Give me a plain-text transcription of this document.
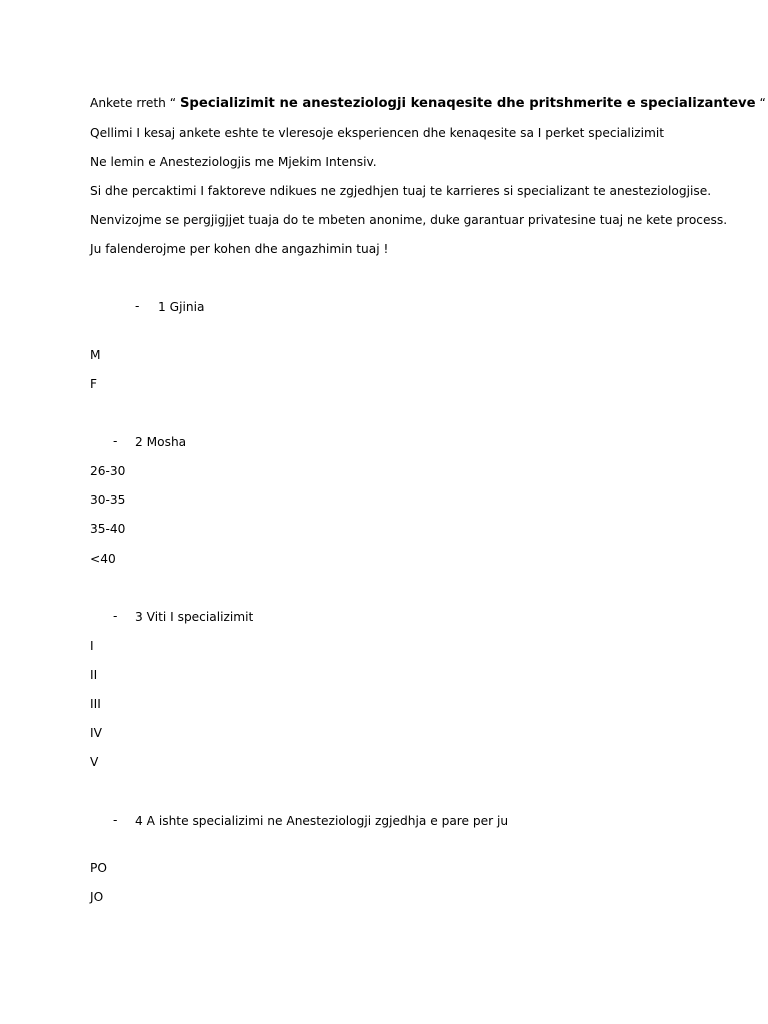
Ankete rreth “ Specializimit ne anesteziologji kenaqesite dhe pritshmerite e specializanteve “
Qellimi I kesaj ankete eshte te vleresoje eksperiencen dhe kenaqesite sa I perket specializimit
Ne lemin e Anesteziologjis me Mjekim Intensiv.
Si dhe percaktimi I faktoreve ndikues ne zgjedhjen tuaj te karrieres si specializant te anesteziologjise.
Nenvizojme se pergjigjjet tuaja do te mbeten anonime, duke garantuar privatesine tuaj ne kete process.
Ju falenderojme per kohen dhe angazhimin tuaj !
- 1 Gjinia
M
F
- 2 Mosha
26-30
30-35
35-40
<40
- 3 Viti I specializimit
I
II
III
IV
V
- 4 A ishte specializimi ne Anesteziologji zgjedhja e pare per ju
PO
JO
